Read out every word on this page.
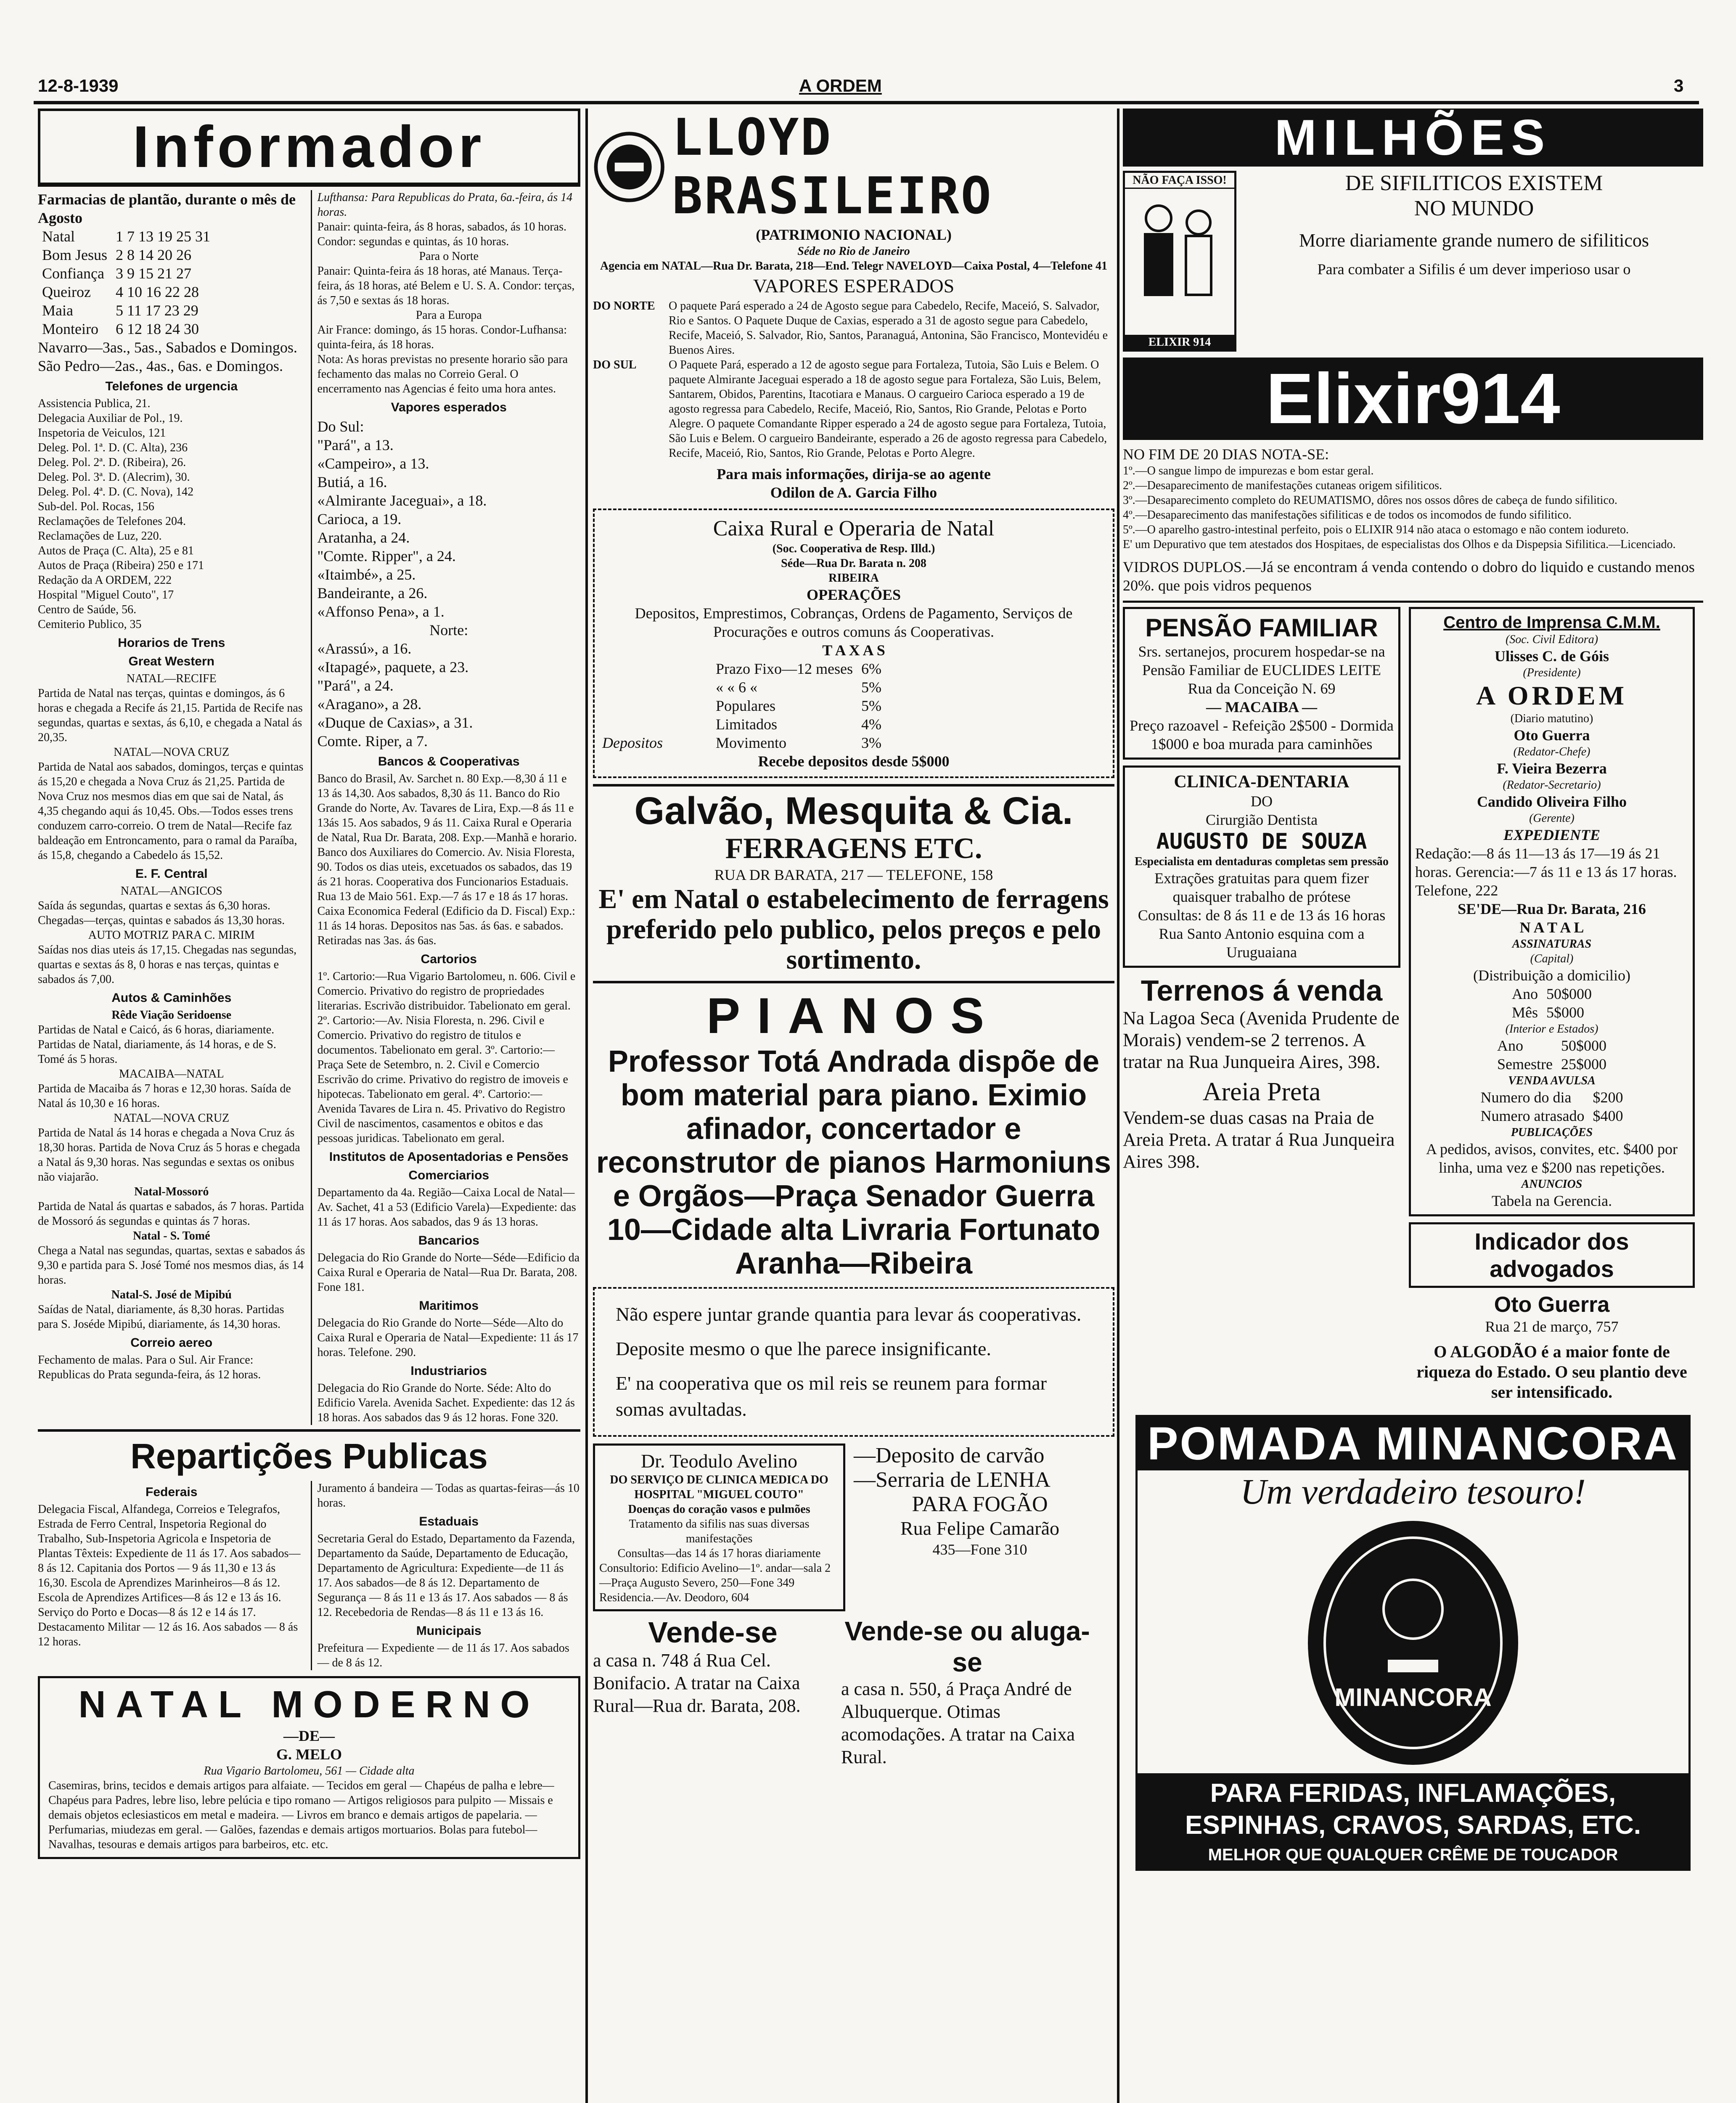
12-8-1939	A ORDEM	3
Informador

Farmacias de plantão, durante o mês de Agosto

Natal	1 7 13 19 25 31
Bom Jesus	2 8 14 20 26
Confiança	3 9 15 21 27
Queiroz	4 10 16 22 28
Maia	5 11 17 23 29
Monteiro	6 12 18 24 30

Navarro—3as., 5as., Sabados e Domingos.

São Pedro—2as., 4as., 6as. e Domingos.

Telefones de urgencia
Assistencia Publica, 21.
Delegacia Auxiliar de Pol., 19.
Inspetoria de Veiculos, 121
Deleg. Pol. 1ª. D. (C. Alta), 236
Deleg. Pol. 2ª. D. (Ribeira), 26.
Deleg. Pol. 3ª. D. (Alecrim), 30.
Deleg. Pol. 4ª. D. (C. Nova), 142
Sub-del. Pol. Rocas, 156
Reclamações de Telefones 204.
Reclamações de Luz, 220.
Autos de Praça (C. Alta), 25 e 81
Autos de Praça (Ribeira) 250 e 171
Redação da A ORDEM, 222
Hospital "Miguel Couto", 17
Centro de Saúde, 56.
Cemiterio Publico, 35
Horarios de Trens
Great Western
NATAL—RECIFE

Partida de Natal nas terças, quintas e domingos, ás 6 horas e chegada a Recife ás 21,15. Partida de Recife nas segundas, quartas e sextas, ás 6,10, e chegada a Natal ás 20,35.

NATAL—NOVA CRUZ

Partida de Natal aos sabados, domingos, terças e quintas ás 15,20 e chegada a Nova Cruz ás 21,25. Partida de Nova Cruz nos mesmos dias em que sai de Natal, ás 4,35 chegando aqui ás 10,45. Obs.—Todos esses trens conduzem carro-correio. O trem de Natal—Recife faz baldeação em Entroncamento, para o ramal da Paraíba, ás 15,8, chegando a Cabedelo ás 15,52.

E. F. Central
NATAL—ANGICOS

Saída ás segundas, quartas e sextas ás 6,30 horas. Chegadas—terças, quintas e sabados ás 13,30 horas.

AUTO MOTRIZ PARA C. MIRIM

Saídas nos dias uteis ás 17,15. Chegadas nas segundas, quartas e sextas ás 8, 0 horas e nas terças, quintas e sabados ás 7,00.

Autos & Caminhões
Rêde Viação Seridoense

Partidas de Natal e Caicó, ás 6 horas, diariamente. Partidas de Natal, diariamente, ás 14 horas, e de S. Tomé ás 5 horas.

MACAIBA—NATAL

Partida de Macaiba ás 7 horas e 12,30 horas. Saída de Natal ás 10,30 e 16 horas.

NATAL—NOVA CRUZ

Partida de Natal ás 14 horas e chegada a Nova Cruz ás 18,30 horas. Partida de Nova Cruz ás 5 horas e chegada a Natal ás 9,30 horas. Nas segundas e sextas os onibus não viajarão.

Natal-Mossoró

Partida de Natal ás quartas e sabados, ás 7 horas. Partida de Mossoró ás segundas e quintas ás 7 horas.

Natal - S. Tomé

Chega a Natal nas segundas, quartas, sextas e sabados ás 9,30 e partida para S. José Tomé nos mesmos dias, ás 14 horas.

Natal-S. José de Mipibú

Saídas de Natal, diariamente, ás 8,30 horas. Partidas para S. Joséde Mipibú, diariamente, ás 14,30 horas.

Correio aereo

Fechamento de malas. Para o Sul. Air France: Republicas do Prata segunda-feira, ás 12 horas.

Lufthansa: Para Republicas do Prata, 6a.-feira, ás 14 horas.

Panair: quinta-feira, ás 8 horas, sabados, ás 10 horas.

Condor: segundas e quintas, ás 10 horas.

Para o Norte

Panair: Quinta-feira ás 18 horas, até Manaus. Terça-feira, ás 18 horas, até Belem e U. S. A. Condor: terças, ás 7,50 e sextas ás 18 horas.

Para a Europa

Air France: domingo, ás 15 horas. Condor-Lufhansa: quinta-feira, ás 18 horas.

Nota: As horas previstas no presente horario são para fechamento das malas no Correio Geral. O encerramento nas Agencias é feito uma hora antes.

Vapores esperados
Do Sul:
"Pará", a 13.
«Campeiro», a 13.
Butiá, a 16.
«Almirante Jaceguai», a 18.
Carioca, a 19.
Aratanha, a 24.
"Comte. Ripper", a 24.
«Itaimbé», a 25.
Bandeirante, a 26.
«Affonso Pena», a 1.
Norte:
«Arassú», a 16.
«Itapagé», paquete, a 23.
"Pará", a 24.
«Aragano», a 28.
«Duque de Caxias», a 31.
Comte. Riper, a 7.
Bancos & Cooperativas

Banco do Brasil, Av. Sarchet n. 80 Exp.—8,30 á 11 e 13 ás 14,30. Aos sabados, 8,30 ás 11. Banco do Rio Grande do Norte, Av. Tavares de Lira, Exp.—8 ás 11 e 13ás 15. Aos sabados, 9 ás 11. Caixa Rural e Operaria de Natal, Rua Dr. Barata, 208. Exp.—Manhã e horario. Banco dos Auxiliares do Comercio. Av. Nisia Floresta, 90. Todos os dias uteis, excetuados os sabados, das 19 ás 21 horas. Cooperativa dos Funcionarios Estaduais. Rua 13 de Maio 561. Exp.—7 ás 17 e 18 ás 17 horas. Caixa Economica Federal (Edificio da D. Fiscal) Exp.: 11 ás 14 horas. Depositos nas 5as. ás 6as. e sabados. Retiradas nas 3as. ás 6as.

Cartorios

1º. Cartorio:—Rua Vigario Bartolomeu, n. 606. Civil e Comercio. Privativo do registro de propriedades literarias. Escrivão distribuidor. Tabelionato em geral. 2º. Cartorio:—Av. Nisia Floresta, n. 296. Civil e Comercio. Privativo do registro de titulos e documentos. Tabelionato em geral. 3º. Cartorio:—Praça Sete de Setembro, n. 2. Civil e Comercio Escrivão do crime. Privativo do registro de imoveis e hipotecas. Tabelionato em geral. 4º. Cartorio:—Avenida Tavares de Lira n. 45. Privativo do Registro Civil de nascimentos, casamentos e obitos e das pessoas juridicas. Tabelionato em geral.

Institutos de Aposentadorias e Pensões
Comerciarios

Departamento da 4a. Região—Caixa Local de Natal—Av. Sachet, 41 a 53 (Edificio Varela)—Expediente: das 11 ás 17 horas. Aos sabados, das 9 ás 13 horas.

Bancarios

Delegacia do Rio Grande do Norte—Séde—Edificio da Caixa Rural e Operaria de Natal—Rua Dr. Barata, 208. Fone 181.

Maritimos

Delegacia do Rio Grande do Norte—Séde—Alto do Caixa Rural e Operaria de Natal—Expediente: 11 ás 17 horas. Telefone. 290.

Industriarios

Delegacia do Rio Grande do Norte. Séde: Alto do Edificio Varela. Avenida Sachet. Expediente: das 12 ás 18 horas. Aos sabados das 9 ás 12 horas. Fone 320.

Repartições Publicas
Federais

Delegacia Fiscal, Alfandega, Correios e Telegrafos, Estrada de Ferro Central, Inspetoria Regional do Trabalho, Sub-Inspetoria Agricola e Inspetoria de Plantas Têxteis: Expediente de 11 ás 17. Aos sabados—8 ás 12. Capitania dos Portos — 9 ás 11,30 e 13 ás 16,30. Escola de Aprendizes Marinheiros—8 ás 12. Escola de Aprendizes Artifices—8 ás 12 e 13 ás 16. Serviço do Porto e Docas—8 ás 12 e 14 ás 17. Destacamento Militar — 12 ás 16. Aos sabados — 8 ás 12 horas.

Juramento á bandeira — Todas as quartas-feiras—ás 10 horas.

Estaduais

Secretaria Geral do Estado, Departamento da Fazenda, Departamento da Saúde, Departamento de Educação, Departamento de Agricultura: Expediente—de 11 ás 17. Aos sabados—de 8 ás 12. Departamento de Segurança — 8 ás 11 e 13 ás 17. Aos sabados — 8 ás 12. Recebedoria de Rendas—8 ás 11 e 13 ás 16.

Municipais

Prefeitura — Expediente — de 11 ás 17. Aos sabados — de 8 ás 12.

NATAL MODERNO
—DE—
G. MELO
Rua Vigario Bartolomeu, 561 — Cidade alta

Casemiras, brins, tecidos e demais artigos para alfaiate. — Tecidos em geral — Chapéus de palha e lebre—Chapéus para Padres, lebre liso, lebre pelúcia e tipo romano — Artigos religiosos para pulpito — Missais e demais objetos eclesiasticos em metal e madeira. — Livros em branco e demais artigos de papelaria. — Perfumarias, miudezas em geral. — Galões, fazendas e demais artigos mortuarios. Bolas para futebol—Navalhas, tesouras e demais artigos para barbeiros, etc. etc.

LLOYD BRASILEIRO
(PATRIMONIO NACIONAL)
Séde no Rio de Janeiro
Agencia em NATAL—Rua Dr. Barata, 218—End. Telegr NAVELOYD—Caixa Postal, 4—Telefone 41
VAPORES ESPERADOS
DO NORTE	O paquete Pará esperado a 24 de Agosto segue para Cabedelo, Recife, Maceió, S. Salvador, Rio e Santos. O Paquete Duque de Caxias, esperado a 31 de agosto segue para Cabedelo, Recife, Maceió, S. Salvador, Rio, Santos, Paranaguá, Antonina, São Francisco, Montevidéu e Buenos Aires.

DO SUL	O Paquete Pará, esperado a 12 de agosto segue para Fortaleza, Tutoia, São Luis e Belem. O paquete Almirante Jaceguai esperado a 18 de agosto segue para Fortaleza, São Luis, Belem, Santarem, Obidos, Parentins, Itacotiara e Manaus. O cargueiro Carioca esperado a 19 de agosto regressa para Cabedelo, Recife, Maceió, Rio, Santos, Rio Grande, Pelotas e Porto Alegre. O paquete Comandante Ripper esperado a 24 de agosto segue para Fortaleza, Tutoia, São Luis e Belem. O cargueiro Bandeirante, esperado a 26 de agosto regressa para Cabedelo, Recife, Maceió, Rio, Santos, Rio Grande, Pelotas e Porto Alegre.

Para mais informações, dirija-se ao agente
Odilon de A. Garcia Filho
Caixa Rural e Operaria de Natal
(Soc. Cooperativa de Resp. Illd.)
Séde—Rua Dr. Barata n. 208
RIBEIRA
OPERAÇÕES

Depositos, Emprestimos, Cobranças, Ordens de Pagamento, Serviços de Procurações e outros comuns ás Cooperativas.

T A X A S
Depositos
Prazo Fixo—12 meses	6%
« « 6 «	5%
Populares	5%
Limitados	4%
Movimento	3%
Recebe depositos desde 5$000
Galvão, Mesquita & Cia.
FERRAGENS ETC.
RUA DR BARATA, 217 — TELEFONE, 158
E' em Natal o estabelecimento de ferragens preferido pelo publico, pelos preços e pelo sortimento.
PIANOS
Professor Totá Andrada dispõe de bom material para piano. Eximio afinador, concertador e reconstrutor de pianos Harmoniuns e Orgãos—Praça Senador Guerra 10—Cidade alta Livraria Fortunato Aranha—Ribeira

Não espere juntar grande quantia para levar ás cooperativas.

Deposite mesmo o que lhe parece insignificante.

E' na cooperativa que os mil reis se reunem para formar somas avultadas.

Dr. Teodulo Avelino
DO SERVIÇO DE CLINICA MEDICA DO HOSPITAL "MIGUEL COUTO"
Doenças do coração vasos e pulmões
Tratamento da sifilis nas suas diversas manifestações
Consultas—das 14 ás 17 horas diariamente
Consultorio: Edificio Avelino—1º. andar—sala 2—Praça Augusto Severo, 250—Fone 349
Residencia.—Av. Deodoro, 604
—Deposito de carvão
—Serraria de LENHA
PARA FOGÃO
Rua Felipe Camarão
435—Fone 310
Vende-se

a casa n. 748 á Rua Cel. Bonifacio. A tratar na Caixa Rural—Rua dr. Barata, 208.

Vende-se ou aluga-se

a casa n. 550, á Praça André de Albuquerque. Otimas acomodações. A tratar na Caixa Rural.

MILHÕES
NÃO FAÇA ISSO!
ELIXIR 914
DE SIFILITICOS EXISTEM
NO MUNDO
Morre diariamente grande numero de sifiliticos
Para combater a Sifilis é um dever imperioso usar o
Elixir914
NO FIM DE 20 DIAS NOTA-SE:
1º.—O sangue limpo de impurezas e bom estar geral.
2º.—Desaparecimento de manifestações cutaneas origem sifiliticos.
3º.—Desaparecimento completo do REUMATISMO, dôres nos ossos dôres de cabeça de fundo sifilitico.
4º.—Desaparecimento das manifestações sifiliticas e de todos os incomodos de fundo sifilitico.
5º.—O aparelho gastro-intestinal perfeito, pois o ELIXIR 914 não ataca o estomago e não contem iodureto.
E' um Depurativo que tem atestados dos Hospitaes, de especialistas dos Olhos e da Dispepsia Sifilitica.—Licenciado.

VIDROS DUPLOS.—Já se encontram á venda contendo o dobro do liquido e custando menos 20%. que pois vidros pequenos

PENSÃO FAMILIAR

Srs. sertanejos, procurem hospedar-se na Pensão Familiar de EUCLIDES LEITE

Rua da Conceição N. 69
— MACAIBA —

Preço razoavel - Refeição 2$500 - Dormida 1$000 e boa murada para caminhões

CLINICA-DENTARIA
DO
Cirurgião Dentista
AUGUSTO DE SOUZA
Especialista em dentaduras completas sem pressão

Extrações gratuitas para quem fizer quaisquer trabalho de prótese

Consultas: de 8 ás 11 e de 13 ás 16 horas
Rua Santo Antonio esquina com a Uruguaiana
Terrenos á venda

Na Lagoa Seca (Avenida Prudente de Morais) vendem-se 2 terrenos. A tratar na Rua Junqueira Aires, 398.

Areia Preta

Vendem-se duas casas na Praia de Areia Preta. A tratar á Rua Junqueira Aires 398.

Centro de Imprensa C.M.M.
(Soc. Civil Editora)
Ulisses C. de Góis
(Presidente)
A ORDEM
(Diario matutino)
Oto Guerra
(Redator-Chefe)
F. Vieira Bezerra
(Redator-Secretario)
Candido Oliveira Filho
(Gerente)
EXPEDIENTE

Redação:—8 ás 11—13 ás 17—19 ás 21 horas. Gerencia:—7 ás 11 e 13 ás 17 horas. Telefone, 222

SE'DE—Rua Dr. Barata, 216
N A T A L
ASSINATURAS
(Capital)
(Distribuição a domicilio)
Ano	50$000
Mês	5$000
(Interior e Estados)
Ano	50$000
Semestre	25$000
VENDA AVULSA
Numero do dia	$200
Numero atrasado	$400
PUBLICAÇÕES

A pedidos, avisos, convites, etc. $400 por linha, uma vez e $200 nas repetições.

ANUNCIOS
Tabela na Gerencia.
Indicador dos advogados
Oto Guerra
Rua 21 de março, 757

O ALGODÃO é a maior fonte de riqueza do Estado. O seu plantio deve ser intensificado.

POMADA MINANCORA
Um verdadeiro tesouro!
MINANCORA
PARA FERIDAS, INFLAMAÇÕES, ESPINHAS, CRAVOS, SARDAS, ETC.
MELHOR QUE QUALQUER CRÊME DE TOUCADOR
